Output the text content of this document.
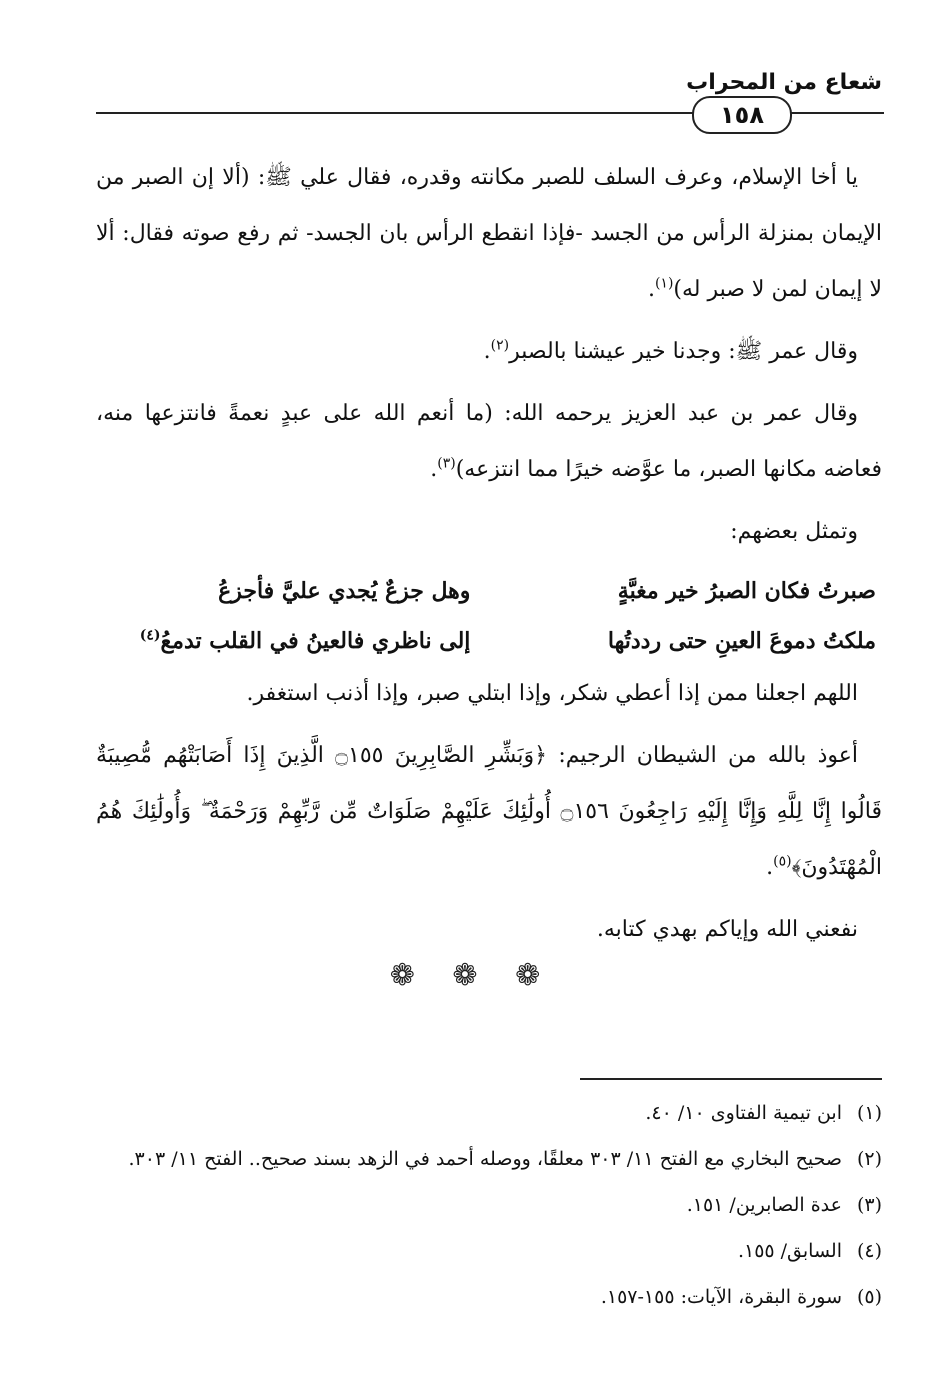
شعاع من المحراب
١٥٨

يا أخا الإسلام، وعرف السلف للصبر مكانته وقدره، فقال علي ﷺ: (ألا إن الصبر من الإيمان بمنزلة الرأس من الجسد -فإذا انقطع الرأس بان الجسد- ثم رفع صوته فقال: ألا لا إيمان لمن لا صبر له)$^{(١)}$.

وقال عمر ﷺ: وجدنا خير عيشنا بالصبر$^{(٢)}$.

وقال عمر بن عبد العزيز يرحمه الله: (ما أنعم الله على عبدٍ نعمةً فانتزعها منه، فعاضه مكانها الصبر، ما عوَّضه خيرًا مما انتزعه)$^{(٣)}$.

وتمثل بعضهم:

صبرتُ فكان الصبرُ خير مغبَّةٍ
وهل جزعٌ يُجدي عليَّ فأجزعُ
ملكتُ دموعَ العينِ حتى رددتُها
إلى ناظري فالعينُ في القلب تدمعُ$^{(٤)}$

اللهم اجعلنا ممن إذا أعطي شكر، وإذا ابتلي صبر، وإذا أذنب استغفر.

أعوذ بالله من الشيطان الرجيم: ﴿وَبَشِّرِ الصَّابِرِينَ ۝١٥٥ الَّذِينَ إِذَا أَصَابَتْهُم مُّصِيبَةٌ قَالُوا إِنَّا لِلَّهِ وَإِنَّا إِلَيْهِ رَاجِعُونَ ۝١٥٦ أُولَٰئِكَ عَلَيْهِمْ صَلَوَاتٌ مِّن رَّبِّهِمْ وَرَحْمَةٌ ۖ وَأُولَٰئِكَ هُمُ الْمُهْتَدُونَ﴾$^{(٥)}$.

نفعني الله وإياكم بهدي كتابه.

❁ ❁ ❁
(١)
ابن تيمية الفتاوى ١٠/ ٤٠.
(٢)
صحيح البخاري مع الفتح ١١/ ٣٠٣ معلقًا، ووصله أحمد في الزهد بسند صحيح.. الفتح ١١/ ٣٠٣.
(٣)
عدة الصابرين/ ١٥١.
(٤)
السابق/ ١٥٥.
(٥)
سورة البقرة، الآيات: ١٥٥-١٥٧.
